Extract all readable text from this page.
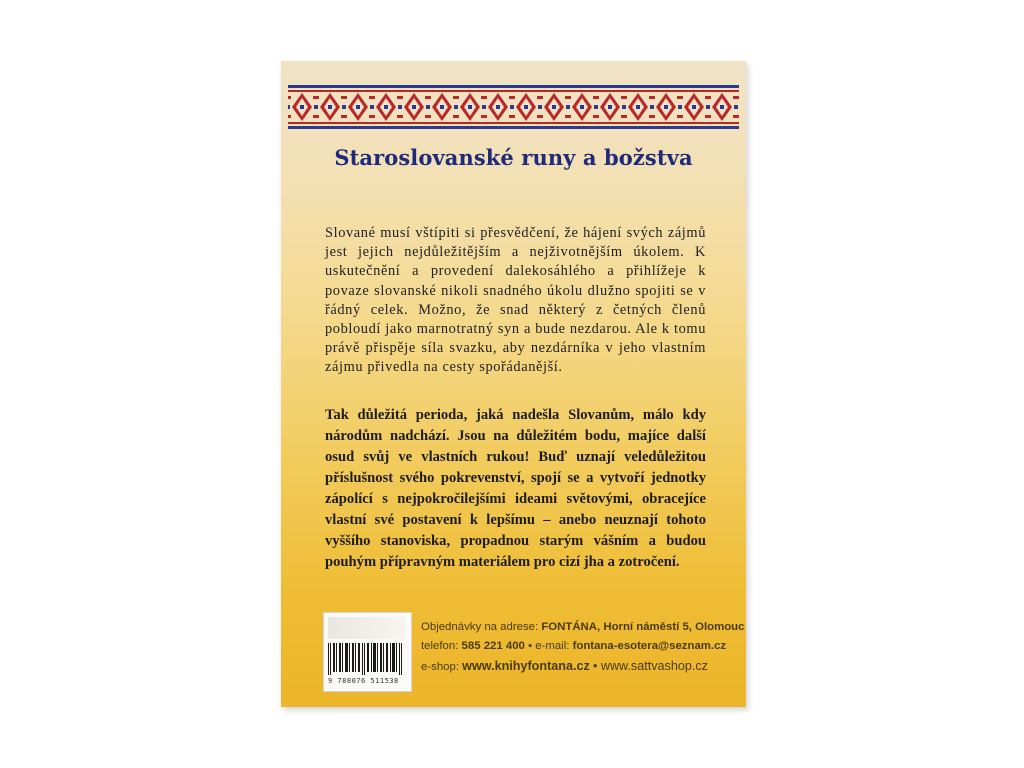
Staroslovanské runy a božstva
Slované musí vštípiti si přesvědčení, že hájení svých zájmů jest jejich nejdůležitějším a nejživotnějším úkolem. K uskutečnění a provedení dalekosáhlého a přihlížeje k povaze slovanské nikoli snadného úkolu dlužno spojiti se v řádný celek. Možno, že snad některý z četných členů pobloudí jako marnotratný syn a bude nezdarou. Ale k tomu právě přispěje síla svazku, aby nezdárníka v jeho vlastním zájmu přivedla na cesty spořádanější.
Tak důležitá perioda, jaká nadešla Slovanům, málo kdy národům nadchází. Jsou na důležitém bodu, majíce další osud svůj ve vlastních rukou! Buď uznají veledůležitou příslušnost svého pokrevenství, spojí se a vytvoří jednotky zápolící s nejpokročilejšími ideami světovými, obracejíce vlastní své postavení k lepšímu – anebo neuznají tohoto vyššího stanoviska, propadnou starým vášním a budou pouhým přípravným materiálem pro cizí jha a zotročení.
9 788076 511538
Objednávky na adrese: FONTÁNA, Horní náměstí 5, Olomouc
telefon: 585 221 400 • e-mail: fontana-esotera@seznam.cz
e-shop: www.knihyfontana.cz • www.sattvashop.cz
